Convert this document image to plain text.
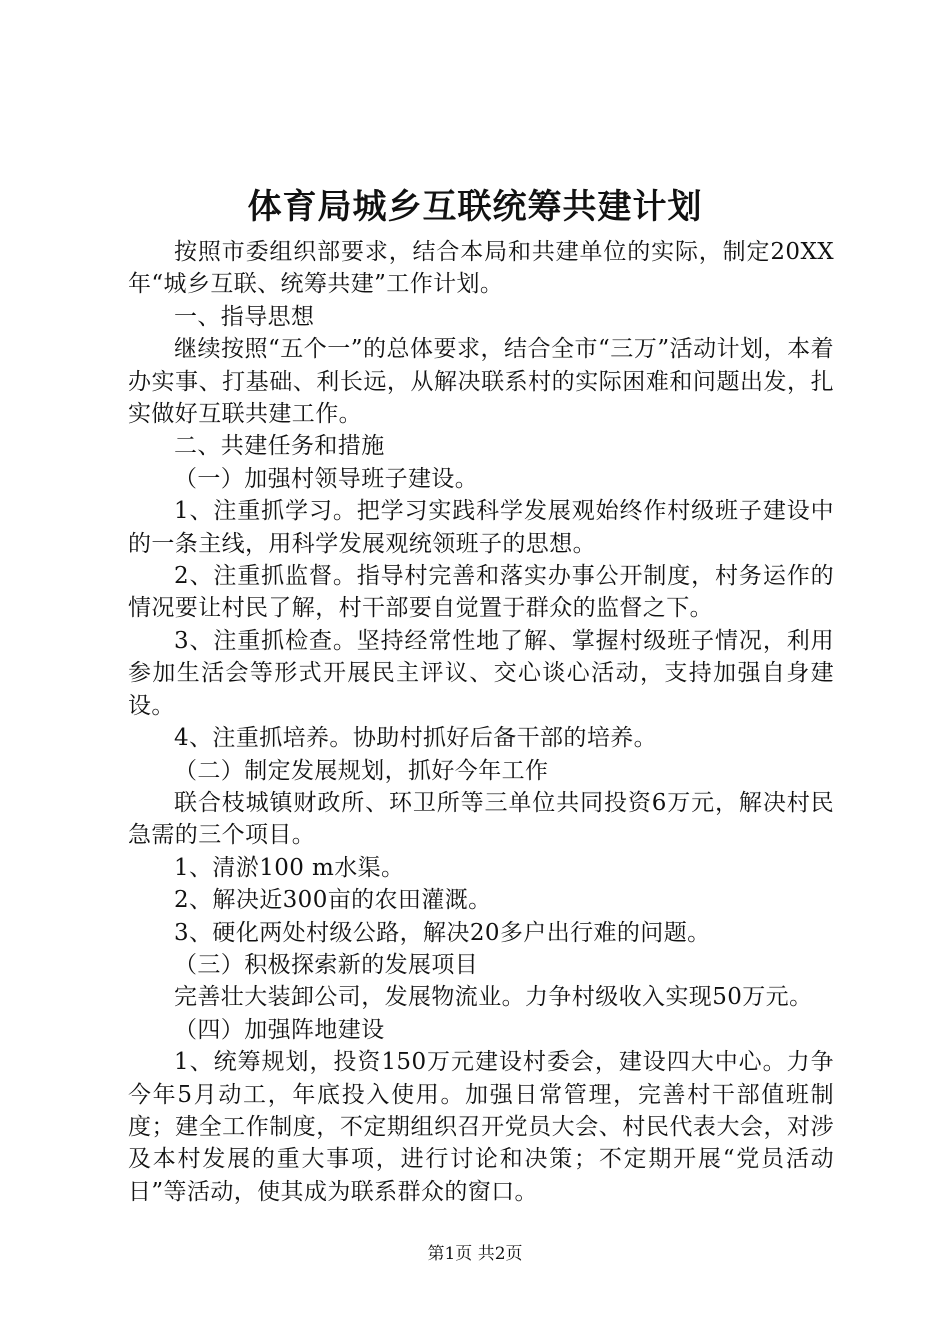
体育局城乡互联统筹共建计划

按照市委组织部要求，结合本局和共建单位的实际，制定20XX年“城乡互联、统筹共建”工作计划。

一、指导思想

继续按照“五个一”的总体要求，结合全市“三万”活动计划，本着办实事、打基础、利长远，从解决联系村的实际困难和问题出发，扎实做好互联共建工作。

二、共建任务和措施

（一）加强村领导班子建设。

1、注重抓学习。把学习实践科学发展观始终作村级班子建设中的一条主线，用科学发展观统领班子的思想。

2、注重抓监督。指导村完善和落实办事公开制度，村务运作的情况要让村民了解，村干部要自觉置于群众的监督之下。

3、注重抓检查。坚持经常性地了解、掌握村级班子情况，利用参加生活会等形式开展民主评议、交心谈心活动，支持加强自身建设。

4、注重抓培养。协助村抓好后备干部的培养。

（二）制定发展规划，抓好今年工作

联合枝城镇财政所、环卫所等三单位共同投资6万元，解决村民急需的三个项目。

1、清淤100 m水渠。

2、解决近300亩的农田灌溉。

3、硬化两处村级公路，解决20多户出行难的问题。

（三）积极探索新的发展项目

完善壮大装卸公司，发展物流业。力争村级收入实现50万元。

（四）加强阵地建设

1、统筹规划，投资150万元建设村委会，建设四大中心。力争今年5月动工，年底投入使用。加强日常管理，完善村干部值班制度；建全工作制度，不定期组织召开党员大会、村民代表大会，对涉及本村发展的重大事项，进行讨论和决策；不定期开展“党员活动日”等活动，使其成为联系群众的窗口。

第1页 共2页
